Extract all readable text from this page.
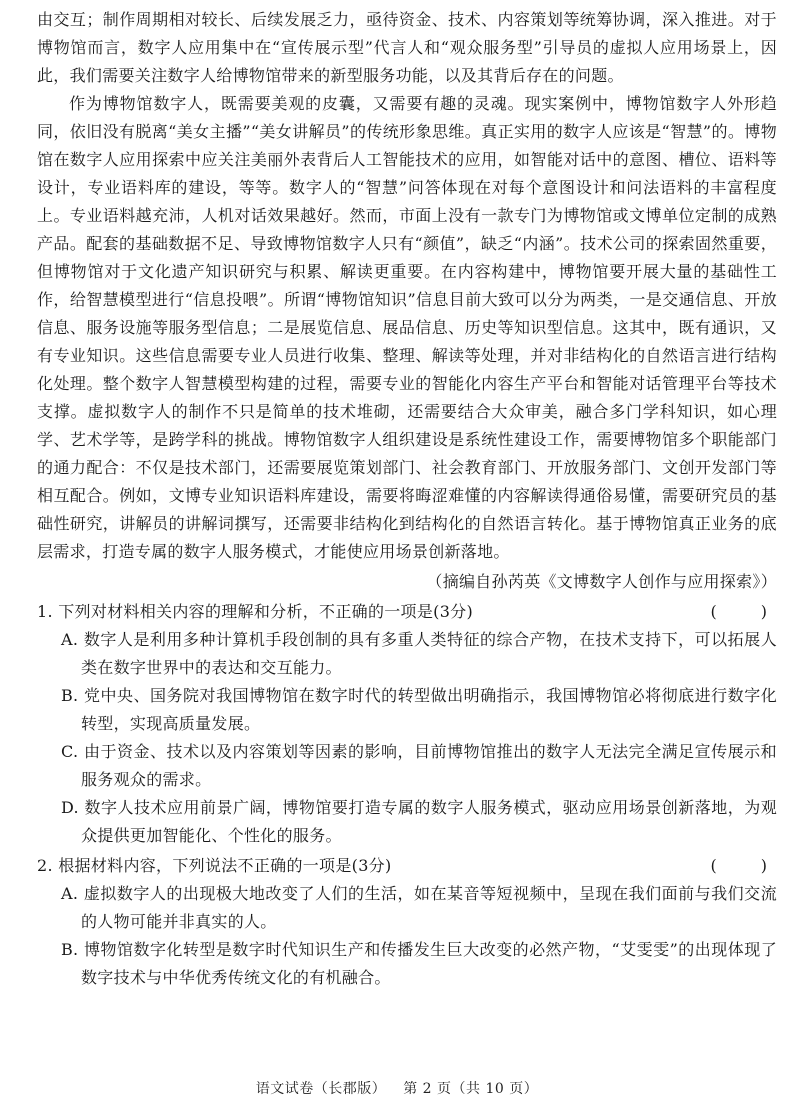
由交互；制作周期相对较长、后续发展乏力，亟待资金、技术、内容策划等统筹协调，深入推进。对于博物馆而言，数字人应用集中在“宣传展示型”代言人和“观众服务型”引导员的虚拟人应用场景上，因此，我们需要关注数字人给博物馆带来的新型服务功能，以及其背后存在的问题。

作为博物馆数字人，既需要美观的皮囊，又需要有趣的灵魂。现实案例中，博物馆数字人外形趋同，依旧没有脱离“美女主播”“美女讲解员”的传统形象思维。真正实用的数字人应该是“智慧”的。博物馆在数字人应用探索中应关注美丽外表背后人工智能技术的应用，如智能对话中的意图、槽位、语料等设计，专业语料库的建设，等等。数字人的“智慧”问答体现在对每个意图设计和问法语料的丰富程度上。专业语料越充沛，人机对话效果越好。然而，市面上没有一款专门为博物馆或文博单位定制的成熟产品。配套的基础数据不足、导致博物馆数字人只有“颜值”，缺乏“内涵”。技术公司的探索固然重要，但博物馆对于文化遗产知识研究与积累、解读更重要。在内容构建中，博物馆要开展大量的基础性工作，给智慧模型进行“信息投喂”。所谓“博物馆知识”信息目前大致可以分为两类，一是交通信息、开放信息、服务设施等服务型信息；二是展览信息、展品信息、历史等知识型信息。这其中，既有通识，又有专业知识。这些信息需要专业人员进行收集、整理、解读等处理，并对非结构化的自然语言进行结构化处理。整个数字人智慧模型构建的过程，需要专业的智能化内容生产平台和智能对话管理平台等技术支撑。虚拟数字人的制作不只是简单的技术堆砌，还需要结合大众审美，融合多门学科知识，如心理学、艺术学等，是跨学科的挑战。博物馆数字人组织建设是系统性建设工作，需要博物馆多个职能部门的通力配合：不仅是技术部门，还需要展览策划部门、社会教育部门、开放服务部门、文创开发部门等相互配合。例如，文博专业知识语料库建设，需要将晦涩难懂的内容解读得通俗易懂，需要研究员的基础性研究，讲解员的讲解词撰写，还需要非结构化到结构化的自然语言转化。基于博物馆真正业务的底层需求，打造专属的数字人服务模式，才能使应用场景创新落地。

（摘编自孙芮英《文博数字人创作与应用探索》）

1. 下列对材料相关内容的理解和分析，不正确的一项是(3分)	(　　)
A. 数字人是利用多种计算机手段创制的具有多重人类特征的综合产物，在技术支持下，可以拓展人类在数字世界中的表达和交互能力。
B. 党中央、国务院对我国博物馆在数字时代的转型做出明确指示，我国博物馆必将彻底进行数字化转型，实现高质量发展。
C. 由于资金、技术以及内容策划等因素的影响，目前博物馆推出的数字人无法完全满足宣传展示和服务观众的需求。
D. 数字人技术应用前景广阔，博物馆要打造专属的数字人服务模式，驱动应用场景创新落地，为观众提供更加智能化、个性化的服务。
2. 根据材料内容，下列说法不正确的一项是(3分)	(　　)
A. 虚拟数字人的出现极大地改变了人们的生活，如在某音等短视频中，呈现在我们面前与我们交流的人物可能并非真实的人。
B. 博物馆数字化转型是数字时代知识生产和传播发生巨大改变的必然产物，“艾雯雯”的出现体现了数字技术与中华优秀传统文化的有机融合。
语文试卷（长郡版） 第 2 页（共 10 页）
